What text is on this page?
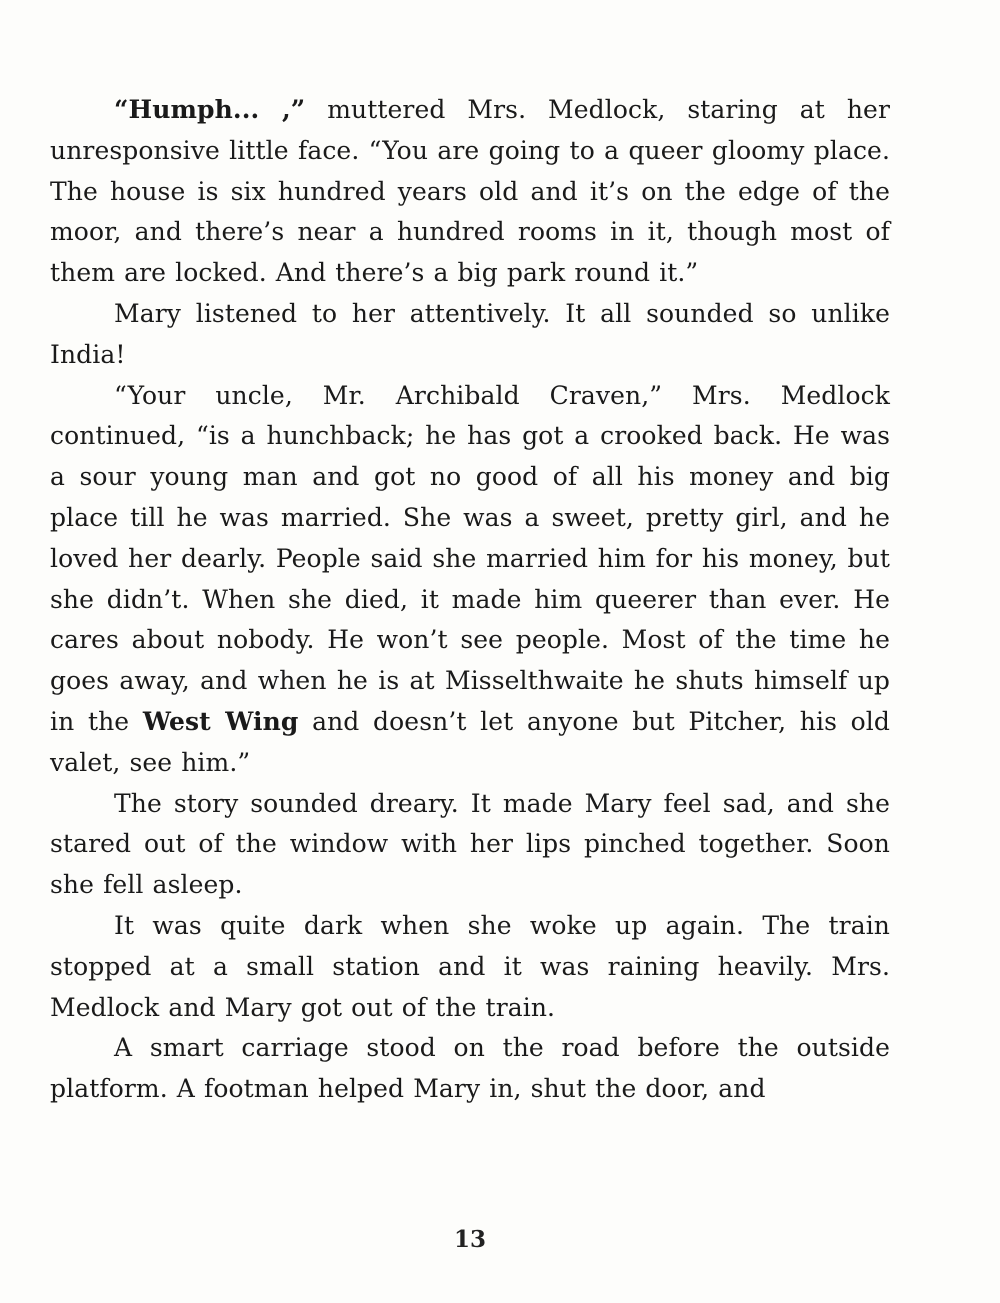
“Humph... ,” muttered Mrs. Medlock, staring at her unresponsive little face. “You are going to a queer gloomy place. The house is six hundred years old and it’s on the edge of the moor, and there’s near a hundred rooms in it, though most of them are locked. And there’s a big park round it.”

Mary listened to her attentively. It all sounded so unlike India!

“Your uncle, Mr. Archibald Craven,” Mrs. Medlock continued, “is a hunchback; he has got a crooked back. He was a sour young man and got no good of all his money and big place till he was married. She was a sweet, pretty girl, and he loved her dearly. People said she married him for his money, but she didn’t. When she died, it made him queerer than ever. He cares about nobody. He won’t see people. Most of the time he goes away, and when he is at Misselthwaite he shuts himself up in the West Wing and doesn’t let anyone but Pitcher, his old valet, see him.”

The story sounded dreary. It made Mary feel sad, and she stared out of the window with her lips pinched together. Soon she fell asleep.

It was quite dark when she woke up again. The train stopped at a small station and it was raining heavily. Mrs. Medlock and Mary got out of the train.

A smart carriage stood on the road before the outside platform. A footman helped Mary in, shut the door, and

13
